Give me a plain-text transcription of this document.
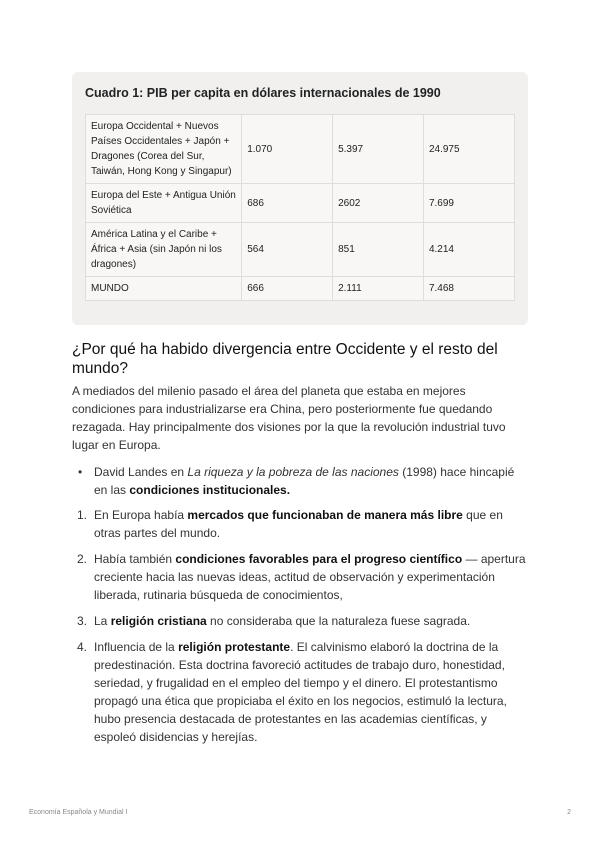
Cuadro 1: PIB per capita en dólares internacionales de 1990
Europa Occidental + Nuevos Países Occidentales + Japón + Dragones (Corea del Sur, Taiwán, Hong Kong y Singapur)	1.070	5.397	24.975
Europa del Este + Antigua Unión Soviética	686	2602	7.699
América Latina y el Caribe + África + Asia (sin Japón ni los dragones)	564	851	4.214
MUNDO	666	2.111	7.468
¿Por qué ha habido divergencia entre Occidente y el resto del mundo?

A mediados del milenio pasado el área del planeta que estaba en mejores condiciones para industrializarse era China, pero posteriormente fue quedando rezagada. Hay principalmente dos visiones por la que la revolución industrial tuvo lugar en Europa.

• David Landes en La riqueza y la pobreza de las naciones (1998) hace hincapié en las condiciones institucionales.
1. En Europa había mercados que funcionaban de manera más libre que en otras partes del mundo.
2. Había también condiciones favorables para el progreso científico — apertura creciente hacia las nuevas ideas, actitud de observación y experimentación liberada, rutinaria búsqueda de conocimientos,
3. La religión cristiana no consideraba que la naturaleza fuese sagrada.
4. Influencia de la religión protestante. El calvinismo elaboró la doctrina de la predestinación. Esta doctrina favoreció actitudes de trabajo duro, honestidad, seriedad, y frugalidad en el empleo del tiempo y el dinero. El protestantismo propagó una ética que propiciaba el éxito en los negocios, estimuló la lectura, hubo presencia destacada de protestantes en las academias científicas, y espoleó disidencias y herejías.
Economía Española y Mundial I	2
